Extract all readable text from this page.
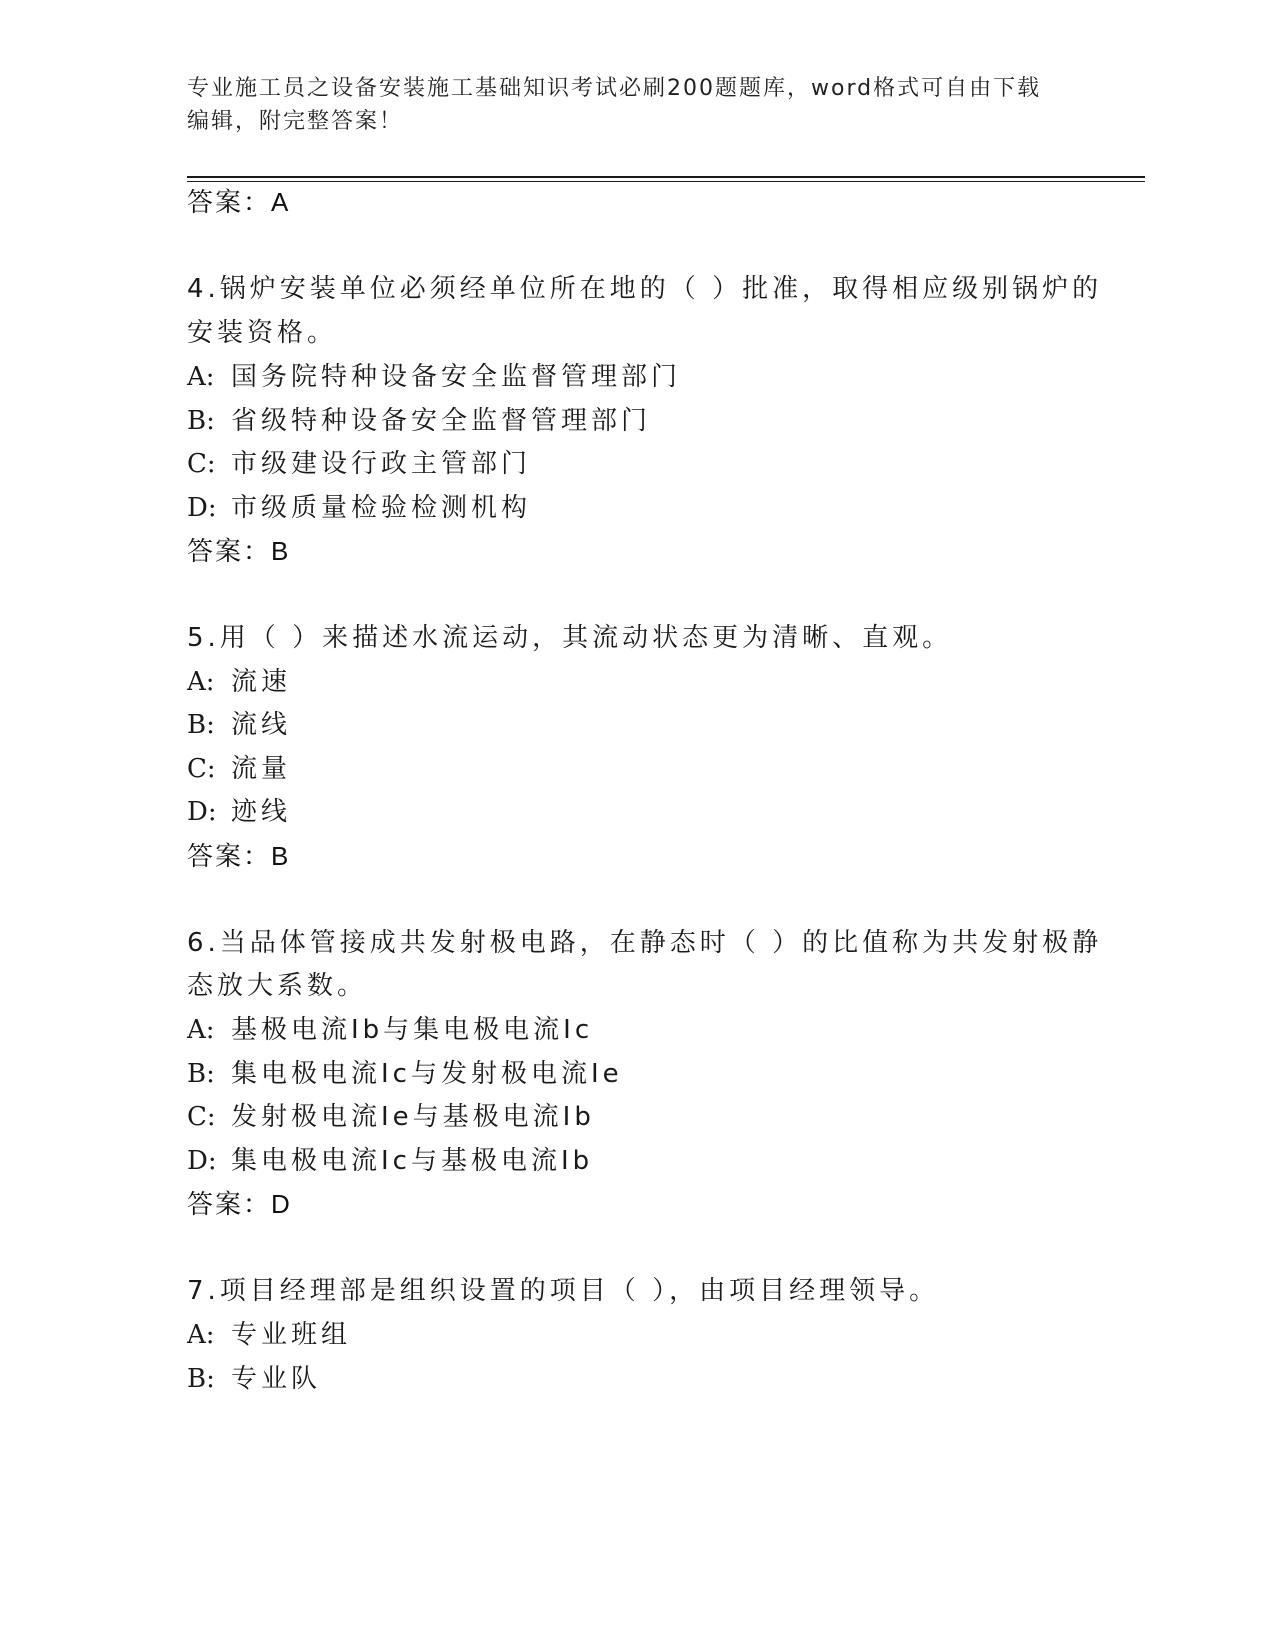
专业施工员之设备安装施工基础知识考试必刷200题题库，word格式可自由下载
编辑，附完整答案！
答案：A
4.锅炉安装单位必须经单位所在地的（ ）批准，取得相应级别锅炉的
安装资格。
A: 国务院特种设备安全监督管理部门
B: 省级特种设备安全监督管理部门
C: 市级建设行政主管部门
D: 市级质量检验检测机构
答案：B
5.用（ ）来描述水流运动，其流动状态更为清晰、直观。
A: 流速
B: 流线
C: 流量
D: 迹线
答案：B
6.当品体管接成共发射极电路，在静态时（ ）的比值称为共发射极静
态放大系数。
A: 基极电流Ib与集电极电流Ic
B: 集电极电流Ic与发射极电流Ie
C: 发射极电流Ie与基极电流Ib
D: 集电极电流Ic与基极电流Ib
答案：D
7.项目经理部是组织设置的项目（ ），由项目经理领导。
A: 专业班组
B: 专业队
